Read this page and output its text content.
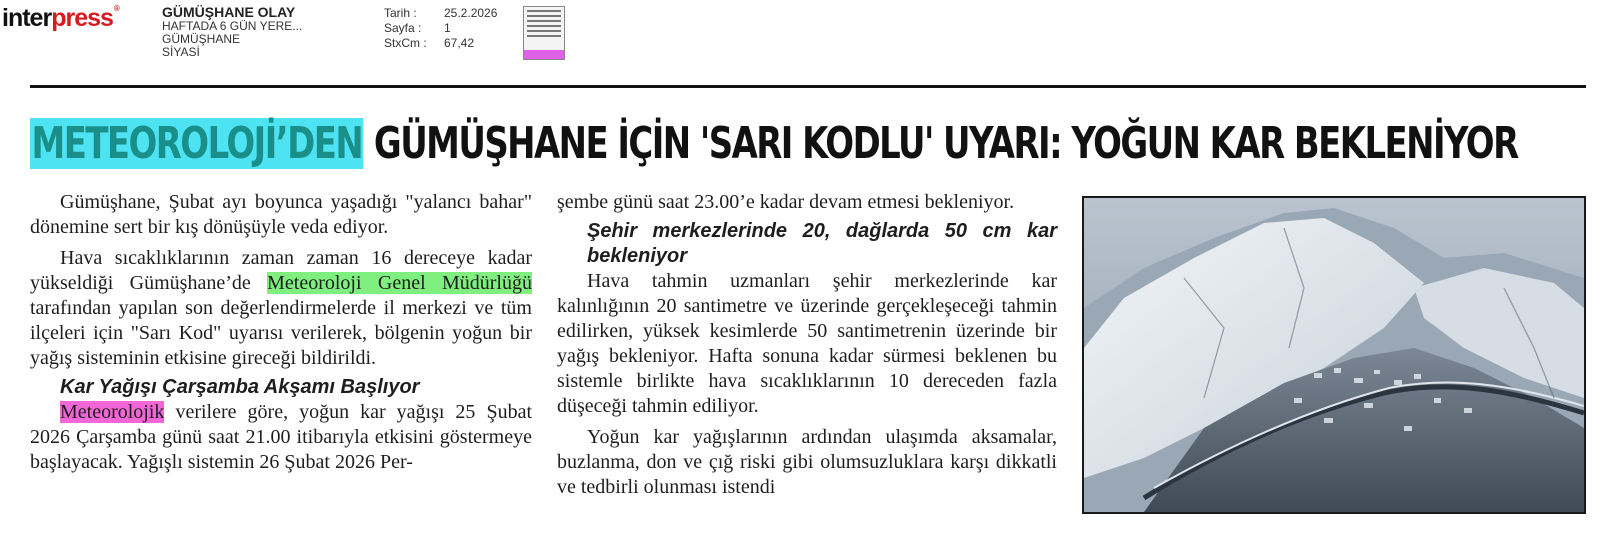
interpress®	GÜMÜŞHANE OLAY
HAFTADA 6 GÜN YERE...
GÜMÜŞHANE
SİYASİ
Tarih :	25.2.2026
Sayfa :	1
StxCm :	67,42
METEOROLOJİ’DEN GÜMÜŞHANE İÇİN 'SARI KODLU' UYARI: YOĞUN KAR BEKLENİYOR

Gümüşhane, Şubat ayı boyunca yaşadığı "yalancı bahar" dönemine sert bir kış dönüşüyle veda ediyor.

Hava sıcaklıklarının zaman zaman 16 dereceye kadar yükseldiği Gümüşhane’de Meteoroloji Genel Müdürlüğü tarafından yapılan son değerlendirmelerde il merkezi ve tüm ilçeleri için "Sarı Kod" uyarısı verilerek, bölgenin yoğun bir yağış sisteminin etkisine gireceği bildirildi.

Kar Yağışı Çarşamba Akşamı Başlıyor

Meteorolojik verilere göre, yoğun kar yağışı 25 Şubat 2026 Çarşamba günü saat 21.00 itibarıyla etkisini göstermeye başlayacak. Yağışlı sistemin 26 Şubat 2026 Per-

şembe günü saat 23.00’e kadar devam etmesi bekleniyor.

Şehir merkezlerinde 20, dağlarda 50 cm kar bekleniyor

Hava tahmin uzmanları şehir merkezlerinde kar kalınlığının 20 santimetre ve üzerinde gerçekleşeceği tahmin edilirken, yüksek kesimlerde 50 santimetrenin üzerinde bir yağış bekleniyor. Hafta sonuna kadar sürmesi beklenen bu sistemle birlikte hava sıcaklıklarının 10 dereceden fazla düşeceği tahmin ediliyor.

Yoğun kar yağışlarının ardından ulaşımda aksamalar, buzlanma, don ve çığ riski gibi olumsuzluklara karşı dikkatli ve tedbirli olunması istendi
